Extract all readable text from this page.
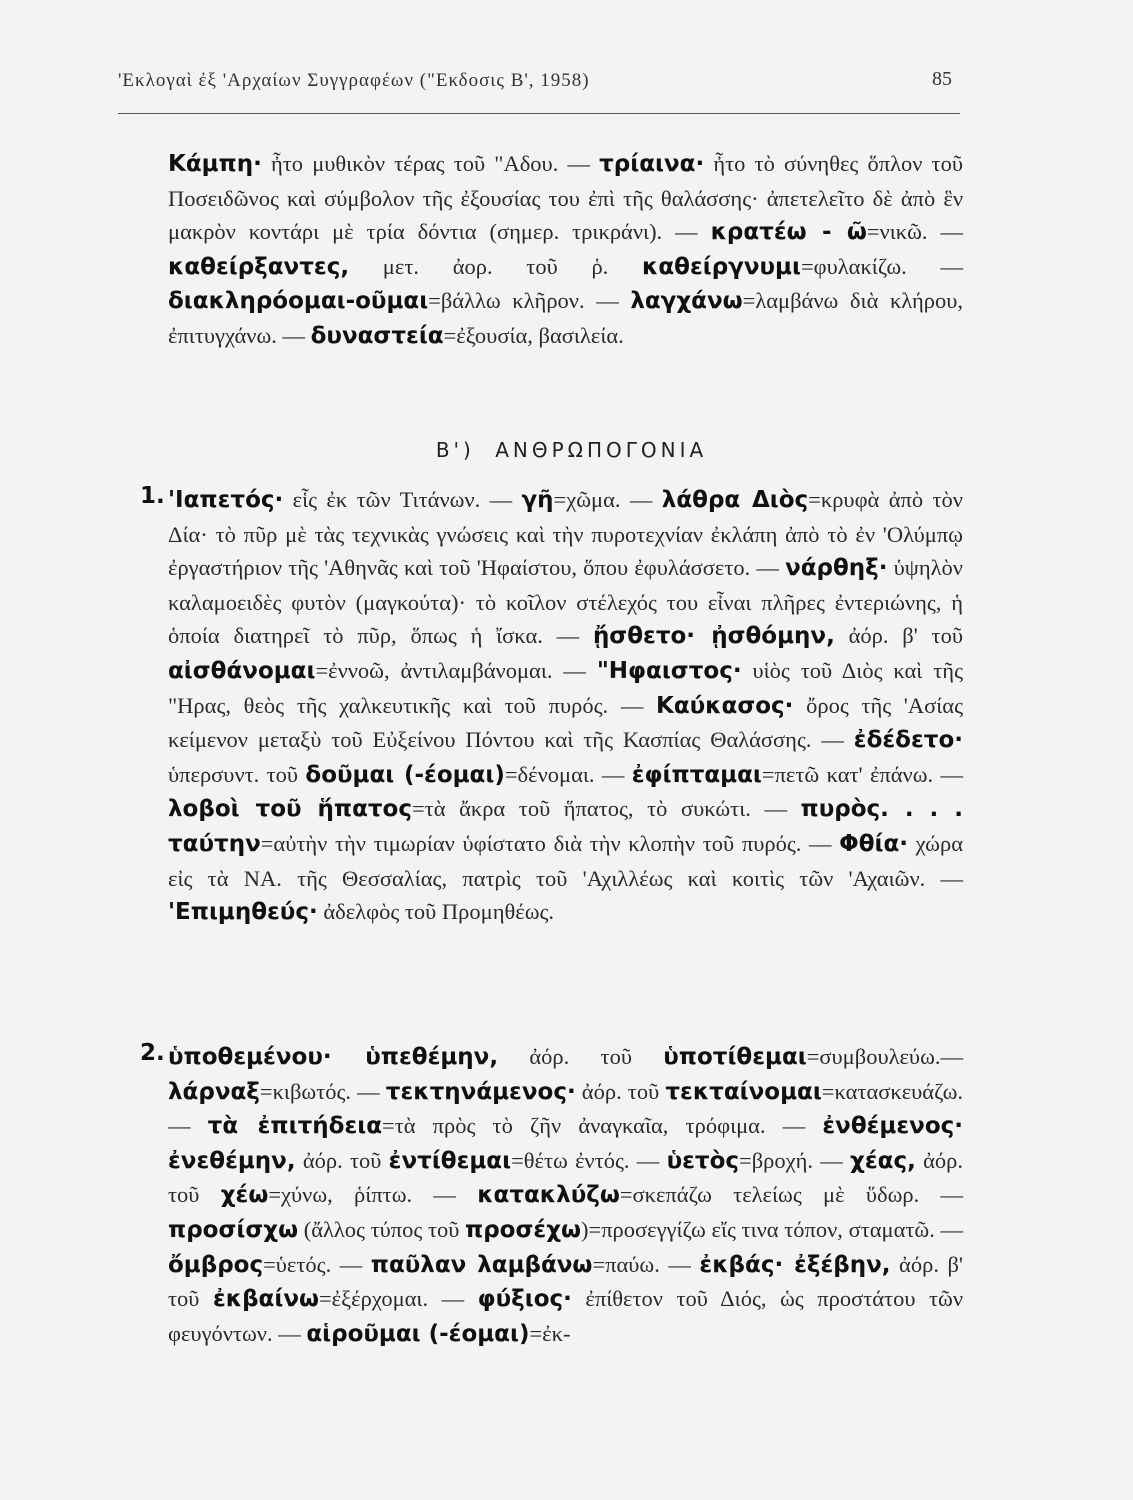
'Εκλογαὶ ἐξ 'Αρχαίων Συγγραφέων ("Εκδοσις Β', 1958)	85
Κάμπη· ἦτο μυθικὸν τέρας τοῦ "Αδου. — τρίαινα· ἦτο τὸ σύνηθες ὅπλον τοῦ Ποσειδῶνος καὶ σύμβολον τῆς ἐξουσίας του ἐπὶ τῆς θαλάσσης· ἀπετελεῖτο δὲ ἀπὸ ἓν μακρὸν κοντάρι μὲ τρία δόντια (σημερ. τρικράνι). — κρατέω - ῶ=νικῶ. — καθείρξαντες, μετ. ἀορ. τοῦ ῥ. καθείργνυμι=φυλακίζω. — διακληρόομαι-οῦμαι=βάλλω κλῆρον. — λαγχάνω=λαμβάνω διὰ κλήρου, ἐπιτυγχάνω. — δυναστεία=ἐξουσία, βασιλεία.
Β') ΑΝΘΡΩΠΟΓΟΝΙΑ
1. 'Ιαπετός· εἷς ἐκ τῶν Τιτάνων. — γῆ=χῶμα. — λάθρα Διὸς=κρυφὰ ἀπὸ τὸν Δία· τὸ πῦρ μὲ τὰς τεχνικὰς γνώσεις καὶ τὴν πυροτεχνίαν ἐκλάπη ἀπὸ τὸ ἐν 'Ολύμπῳ ἐργαστήριον τῆς 'Αθηνᾶς καὶ τοῦ 'Ηφαίστου, ὅπου ἐφυλάσσετο. — νάρθηξ· ὑψηλὸν καλαμοειδὲς φυτὸν (μαγκούτα)· τὸ κοῖλον στέλεχός του εἶναι πλῆρες ἐντεριώνης, ἡ ὁποία διατηρεῖ τὸ πῦρ, ὅπως ἡ ἴσκα. — ᾔσθετο· ᾐσθόμην, ἀόρ. β' τοῦ αἰσθάνομαι=ἐννοῶ, ἀντιλαμβάνομαι. — "Ηφαιστος· υἱὸς τοῦ Διὸς καὶ τῆς "Ηρας, θεὸς τῆς χαλκευτικῆς καὶ τοῦ πυρός. — Καύκασος· ὄρος τῆς 'Ασίας κείμενον μεταξὺ τοῦ Εὐξείνου Πόντου καὶ τῆς Κασπίας Θαλάσσης. — ἐδέδετο· ὑπερσυντ. τοῦ δοῦμαι (-έομαι)=δένομαι. — ἐφίπταμαι=πετῶ κατ' ἐπάνω. — λοβοὶ τοῦ ἥπατος=τὰ ἄκρα τοῦ ἥπατος, τὸ συκώτι. — πυρὸς. . . . ταύτην=αὐτὴν τὴν τιμωρίαν ὑφίστατο διὰ τὴν κλοπὴν τοῦ πυρός. — Φθία· χώρα εἰς τὰ ΝΑ. τῆς Θεσσαλίας, πατρὶς τοῦ 'Αχιλλέως καὶ κοιτὶς τῶν 'Αχαιῶν. — 'Επιμηθεύς· ἀδελφὸς τοῦ Προμηθέως.
2. ὑποθεμένου· ὑπεθέμην, ἀόρ. τοῦ ὑποτίθεμαι=συμβουλεύω.— λάρναξ=κιβωτός. — τεκτηνάμενος· ἀόρ. τοῦ τεκταίνομαι=κατασκευάζω. — τὰ ἐπιτήδεια=τὰ πρὸς τὸ ζῆν ἀναγκαῖα, τρόφιμα. — ἐνθέμενος· ἐνεθέμην, ἀόρ. τοῦ ἐντίθεμαι=θέτω ἐντός. — ὑετὸς=βροχή. — χέας, ἀόρ. τοῦ χέω=χύνω, ῥίπτω. — κατακλύζω=σκεπάζω τελείως μὲ ὕδωρ. — προσίσχω (ἄλλος τύπος τοῦ προσέχω)=προσεγγίζω εἴς τινα τόπον, σταματῶ. — ὄμβρος=ὑετός. — παῦλαν λαμβάνω=παύω. — ἐκβάς· ἐξέβην, ἀόρ. β' τοῦ ἐκβαίνω=ἐξέρχομαι. — φύξιος· ἐπίθετον τοῦ Διός, ὡς προστάτου τῶν φευγόντων. — αἱροῦμαι (-έομαι)=ἐκ-
